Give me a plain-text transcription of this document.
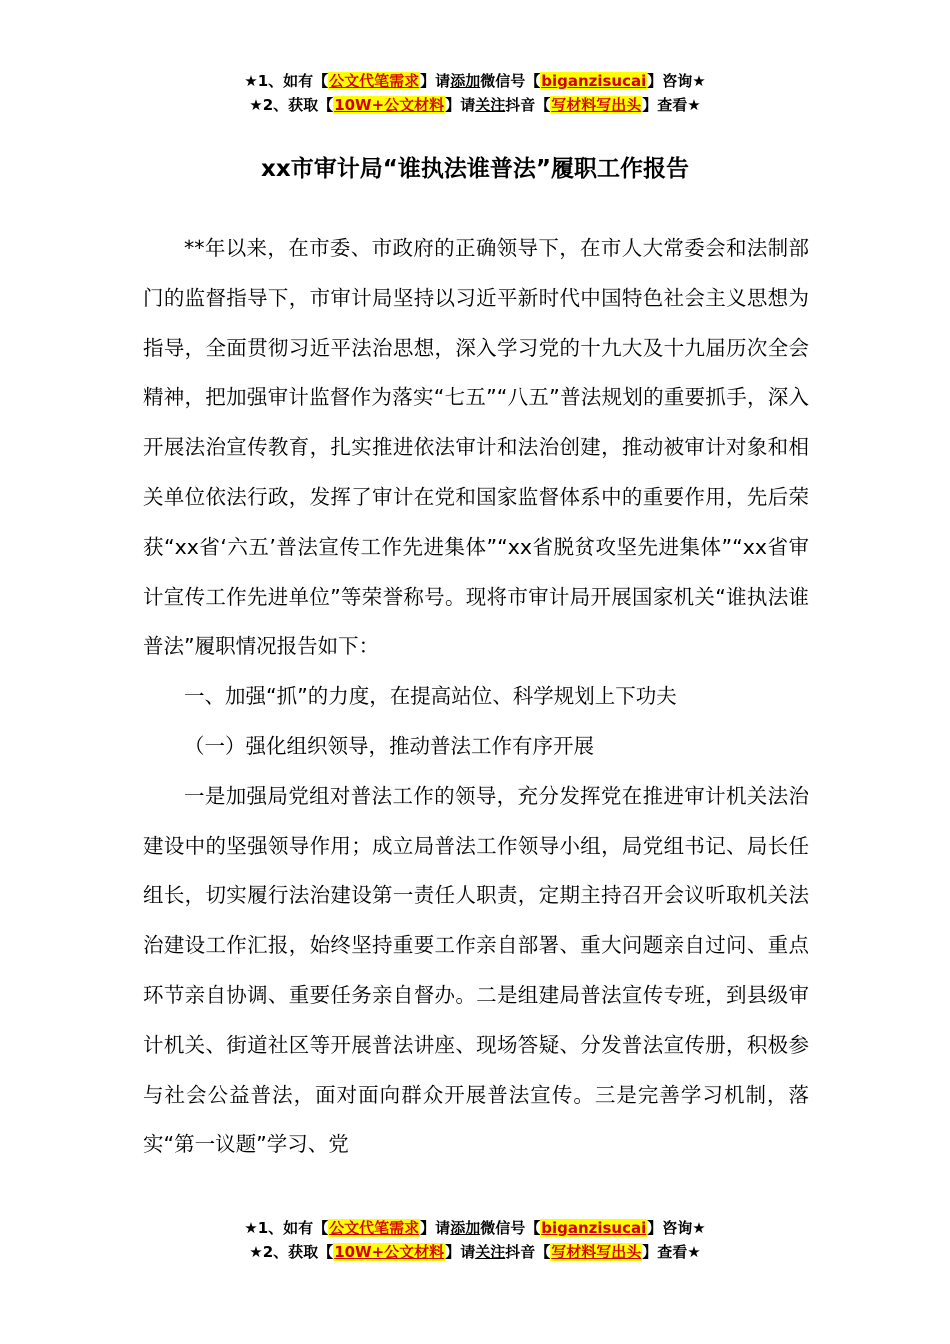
★1、如有【公文代笔需求】请添加微信号【biganzisucai】咨询★
★2、获取【10W+公文材料】请关注抖音【写材料写出头】查看★
xx市审计局“谁执法谁普法”履职工作报告

**年以来，在市委、市政府的正确领导下，在市人大常委会和法制部门的监督指导下，市审计局坚持以习近平新时代中国特色社会主义思想为指导，全面贯彻习近平法治思想，深入学习党的十九大及十九届历次全会精神，把加强审计监督作为落实“七五”“八五”普法规划的重要抓手，深入开展法治宣传教育，扎实推进依法审计和法治创建，推动被审计对象和相关单位依法行政，发挥了审计在党和国家监督体系中的重要作用，先后荣获“xx省‘六五’普法宣传工作先进集体”“xx省脱贫攻坚先进集体”“xx省审计宣传工作先进单位”等荣誉称号。现将市审计局开展国家机关“谁执法谁普法”履职情况报告如下：

一、加强“抓”的力度，在提高站位、科学规划上下功夫

（一）强化组织领导，推动普法工作有序开展

一是加强局党组对普法工作的领导，充分发挥党在推进审计机关法治建设中的坚强领导作用；成立局普法工作领导小组，局党组书记、局长任组长，切实履行法治建设第一责任人职责，定期主持召开会议听取机关法治建设工作汇报，始终坚持重要工作亲自部署、重大问题亲自过问、重点环节亲自协调、重要任务亲自督办。二是组建局普法宣传专班，到县级审计机关、街道社区等开展普法讲座、现场答疑、分发普法宣传册，积极参与社会公益普法，面对面向群众开展普法宣传。三是完善学习机制，落实“第一议题”学习、党

★1、如有【公文代笔需求】请添加微信号【biganzisucai】咨询★
★2、获取【10W+公文材料】请关注抖音【写材料写出头】查看★
